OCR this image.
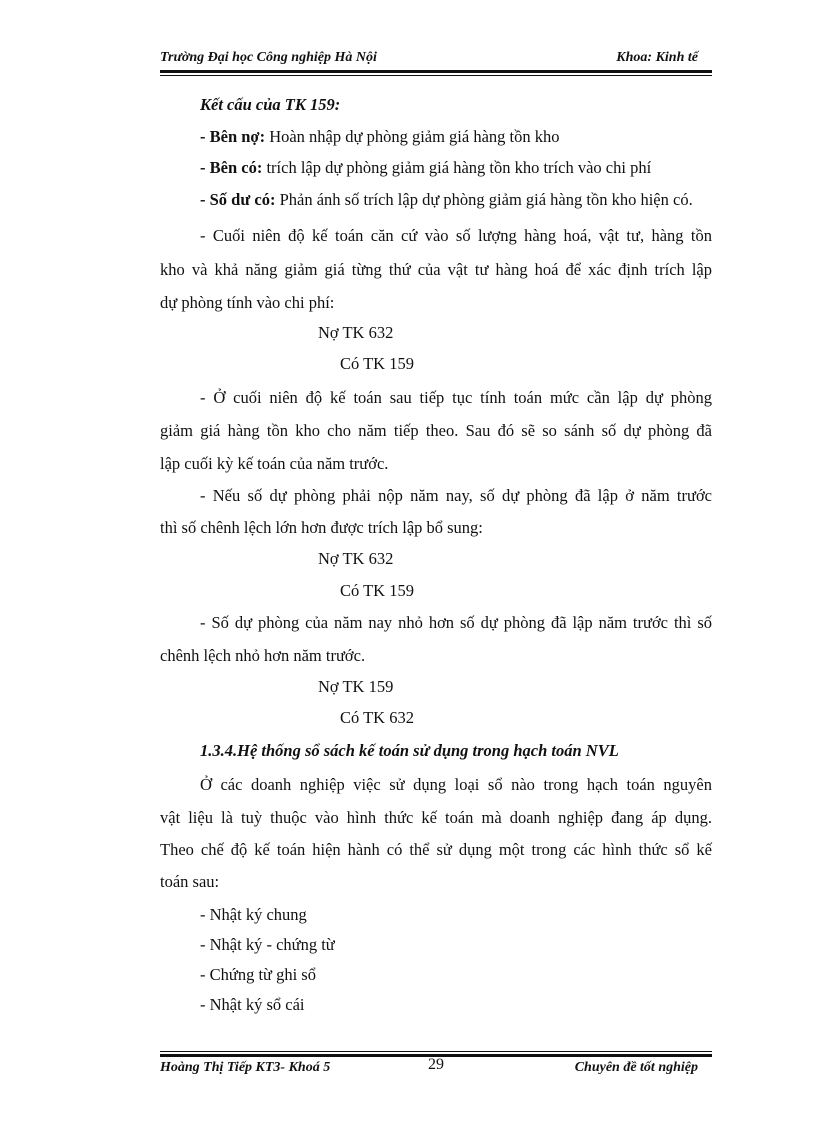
Trường Đại học Công nghiệp Hà Nội	Khoa: Kinh tế
Kết cấu của TK 159:
- Bên nợ: Hoàn nhập dự phòng giảm giá hàng tồn kho
- Bên có: trích lập dự phòng giảm giá hàng tồn kho trích vào chi phí
- Số dư có: Phản ánh số trích lập dự phòng giảm giá hàng tồn kho hiện có.
- Cuối niên độ kế toán căn cứ vào số lượng hàng hoá, vật tư, hàng tồn
kho và khả năng giảm giá từng thứ của vật tư hàng hoá để xác định trích lập
dự phòng tính vào chi phí:
Nợ TK 632
Có TK 159
- Ở cuối niên độ kế toán sau tiếp tục tính toán mức cần lập dự phòng
giảm giá hàng tồn kho cho năm tiếp theo. Sau đó sẽ so sánh số dự phòng đã
lập cuối kỳ kế toán của năm trước.
- Nếu số dự phòng phải nộp năm nay, số dự phòng đã lập ở năm trước
thì số chênh lệch lớn hơn được trích lập bổ sung:
Nợ TK 632
Có TK 159
- Số dự phòng của năm nay nhỏ hơn số dự phòng đã lập năm trước thì số
chênh lệch nhỏ hơn năm trước.
Nợ TK 159
Có TK 632
1.3.4.Hệ thống sổ sách kế toán sử dụng trong hạch toán NVL
Ở các doanh nghiệp việc sử dụng loại sổ nào trong hạch toán nguyên
vật liệu là tuỳ thuộc vào hình thức kế toán mà doanh nghiệp đang áp dụng.
Theo chế độ kế toán hiện hành có thể sử dụng một trong các hình thức sổ kế
toán sau:
- Nhật ký chung
- Nhật ký - chứng từ
- Chứng từ ghi sổ
- Nhật ký sổ cái
Hoàng Thị Tiếp KT3- Khoá 5	29	Chuyên đề tốt nghiệp
